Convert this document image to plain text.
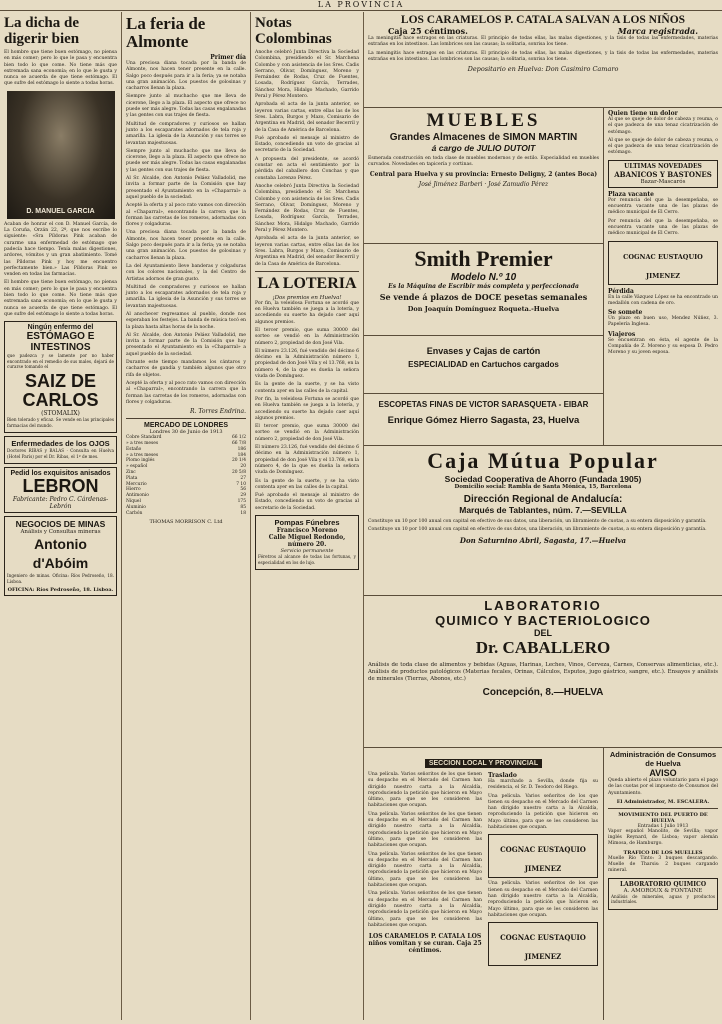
LA PROVINCIA
La dicha de digerir bien

El hombre que tiene buen estómago, no piensa en más comer; pero lo que le pasa y encuentra bien todo lo que come. No tiene más que extremada sana economía; en lo que le gusta y nunca se acuerda de que tiene estómago. El que sufre del estómago lo siente a todas horas.

D. MANUEL GARCIA

Acaban de honrar el con D. Manuel García, de La Coruña, Orzán 22, 2º, que nos escribe lo siguiente: «Sra Píldoras Pink acaban de curarme una enfermedad de estómago que padecía hace tiempo. Tenía malas digestiones, ardores, vómitos y un gran abatimiento. Tomé las Píldoras Pink y hoy me encuentro perfectamente bien.» Las Píldoras Pink se venden en todas las farmacias.

El hombre que tiene buen estómago, no piensa en más comer; pero lo que le pasa y encuentra bien todo lo que come. No tiene más que extremada sana economía; en lo que le gusta y nunca se acuerda de que tiene estómago. El que sufre del estómago lo siente a todas horas.

Ningún enfermo del
ESTÓMAGO E
INTESTINOS

que padezca y se lamente por no haber encontrado en el remedio de sus males, dejará de curarse tomando el

SAIZ DE CARLOS
(STOMALIX)

Bien tolerado y eficaz. Se vende en las principales farmacias del mundo.

Enfermedades de los OJOS

Doctores RIBAS y BALAS · Consulta en Huelva (Hotel París) por el Dr. Ribas, el 1º de mes.

Pedid los exquisitos anisados
LEBRON
Fabricante: Pedro C. Cárdenas-Lebrón
NEGOCIOS DE MINAS
Análisis y Consultas mineras
Antonio d'Abóim

Ingeniero de minas. Oficina: Ríos Pedroseño, 18. Lisboa.

OFICINA: Ríos Pedroseño, 18. Lisboa.
La feria de Almonte
Primer día

Una preciosa diana tocada por la banda de Almonte, nos hacen tener presente en la calle. Salgo poco después para ir a la feria; ya se notaba una gran animación. Los puestos de golosinas y cacharros llenan la plaza.

Siempre junto al muchacho que me lleva de cicerone, llego a la plaza. El aspecto que ofrece no puede ser más alegre. Todas las casas engalanadas y las gentes con sus trajes de fiesta.

Multitud de compradores y curiosos se hallan junto a los escaparates adornados de tela roja y amarilla. La iglesia de la Asunción y sus torres se levantan majestuosas.

Siempre junto al muchacho que me lleva de cicerone, llego a la plaza. El aspecto que ofrece no puede ser más alegre. Todas las casas engalanadas y las gentes con sus trajes de fiesta.

Al Sr. Alcalde, don Antonio Peláez Valladolid, me invita a formar parte de la Comisión que hay presentado el Ayuntamiento en la «Chaparral» a aquel pueblo de la sociedad.

Acepté la oferta y al poco rato vamos con dirección al «Chaparral», encontrando la carrera que la forman las carretas de los romeros, adornadas con flores y colgaduras.

Una preciosa diana tocada por la banda de Almonte, nos hacen tener presente en la calle. Salgo poco después para ir a la feria; ya se notaba una gran animación. Los puestos de golosinas y cacharros llenan la plaza.

La del Ayuntamiento lleve banderas y colgaduras con los colores nacionales, y la del Centro de Artistas adornos de gran gusto.

Multitud de compradores y curiosos se hallan junto a los escaparates adornados de tela roja y amarilla. La iglesia de la Asunción y sus torres se levantan majestuosas.

Al anochecer regresamos al pueblo, donde nos esperaban los festejos. La banda de música tocó en la plaza hasta altas horas de la noche.

Al Sr. Alcalde, don Antonio Peláez Valladolid, me invita a formar parte de la Comisión que hay presentado el Ayuntamiento en la «Chaparral» a aquel pueblo de la sociedad.

Durante este tiempo mandamos los cántaros y cacharros de gandía y también algunos que otro rifa de objetos.

Acepté la oferta y al poco rato vamos con dirección al «Chaparral», encontrando la carrera que la forman las carretas de los romeros, adornadas con flores y colgaduras.

R. Torres Endrina.
MERCADO DE LONDRES
Londres 30 de Junio de 1913
Cobre Standard	66 1/2
» a tres meses	66 7/8
Estaño	186
» a tres meses	184
Plomo inglés	20 1/4
» español	20
Zinc	20 5/8
Plata	27
Mercurio	7 10
Hierro	56
Antimonio	29
Níquel	175
Aluminio	85
Carbón	18
THOMAS MORRISON C. Ltd
Notas Colombinas

Anoche celebró Junta Directiva la Sociedad Colombina, presidiendo el Sr. Marchena Colombo y con asistencia de los Sres. Cadis Serrano, Olivar, Domínguez, Moreno y Fernández de Rodas, Cruz de Fuentes, Losada, Rodríguez García, Terrades, Sánchez Mora, Hidalgo Machado, Garrido Peral y Pérez Montero.

Aprobada el acta de la junta anterior, se leyeron varias cartas, entre ellas las de los Sres. Labra, Burgos y Mazo, Comisario de Argentina en Madrid, del senador Becerril y de la Casa de América de Barcelona.

Fué aprobado el mensaje al ministro de Estado, concediendo un voto de gracias al secretario de la Sociedad.

A propuesta del presidente, se acordó constar en acta el sentimiento por la pérdida del caballero don Conchas y que constaba Lorenzo Pérez.

Anoche celebró Junta Directiva la Sociedad Colombina, presidiendo el Sr. Marchena Colombo y con asistencia de los Sres. Cadis Serrano, Olivar, Domínguez, Moreno y Fernández de Rodas, Cruz de Fuentes, Losada, Rodríguez García, Terrades, Sánchez Mora, Hidalgo Machado, Garrido Peral y Pérez Montero.

Aprobada el acta de la junta anterior, se leyeron varias cartas, entre ellas las de los Sres. Labra, Burgos y Mazo, Comisario de Argentina en Madrid, del senador Becerril y de la Casa de América de Barcelona.

LA LOTERIA
¡Dos premios en Huelva!

Por fin, la veleidosa Fortuna se acordó que en Huelva también se juega a la lotería, y accediendo su suerte ha dejado caer aquí algunos premios.

El tercer premio, que suma 30000 del sorteo se vendió en la Administración número 2, propiedad de don José Vila.

El número 23.126, fué vendido del décimo 6 décimo en la Administración número 1, propiedad de don José Vila y el 13.768, en la número 4, de la que es dueña la señora viuda de Domínguez.

Es la gente de la suerte, y se ha visto contenta ayer en las calles de la capital.

Por fin, la veleidosa Fortuna se acordó que en Huelva también se juega a la lotería, y accediendo su suerte ha dejado caer aquí algunos premios.

El tercer premio, que suma 30000 del sorteo se vendió en la Administración número 2, propiedad de don José Vila.

El número 23.126, fué vendido del décimo 6 décimo en la Administración número 1, propiedad de don José Vila y el 13.768, en la número 4, de la que es dueña la señora viuda de Domínguez.

Es la gente de la suerte, y se ha visto contenta ayer en las calles de la capital.

Fué aprobado el mensaje al ministro de Estado, concediendo un voto de gracias al secretario de la Sociedad.

Pompas Fúnebres
Francisco Moreno
Calle Miguel Redondo, número 20.
Servicio permanente

Féretros al alcance de todas las fortunas, y especialidad en los de lujo.

LOS CARAMELOS P. CATALA SALVAN A LOS NIÑOS
Caja 25 céntimos.	Marca registrada.

La meningitis hace estragos en las criaturas. El principio de todas ellas, las malas digestiones, y la tisis de todas las enfermedades, materias extrañas en los intestinos. Las lombrices son las causas; la solitaria, sonrisa los tiene.

La meningitis hace estragos en las criaturas. El principio de todas ellas, las malas digestiones, y la tisis de todas las enfermedades, materias extrañas en los intestinos. Las lombrices son las causas; la solitaria, sonrisa los tiene.

Depositario en Huelva: Don Casimiro Camaro
MUEBLES
Grandes Almacenes de SIMON MARTIN
á cargo de JULIO DUTOIT

Esmerada construcción en toda clase de muebles modernos y de estilo. Especialidad en muebles curvados. Novedades en tapicería y cortinas.

Central para Huelva y su provincia: Ernesto Deligny, 2 (antes Boca)
José Jiménez Barberi · José Zamudio Pérez
Smith Premier
Modelo N.º 10
Es la Máquina de Escribir más completa y perfeccionada
Se vende á plazos de DOCE pesetas semanales
Don Joaquín Domínguez Roqueta.-Huelva
Envases y Cajas de cartón
ESPECIALIDAD en Cartuchos cargados
ESCOPETAS FINAS DE VICTOR SARASQUETA - EIBAR
Enrique Gómez Hierro Sagasta, 23, Huelva
Caja Mútua Popular
Sociedad Cooperativa de Ahorro (Fundada 1905)
Domicilio social: Rambla de Santa Mónica, 15, Barcelona
Dirección Regional de Andalucía:
Marqués de Tablantes, núm. 7.—SEVILLA

Constituye un 10 por 100 anual con capital en efectivo de sus datos, una liberación, un libramiento de cuotas, a su entera disposición y garantía.

Constituye un 10 por 100 anual con capital en efectivo de sus datos, una liberación, un libramiento de cuotas, a su entera disposición y garantía.

Don Saturnino Abril, Sagasta, 17.—Huelva
LABORATORIO
QUIMICO Y BACTERIOLOGICO
DEL
Dr. CABALLERO

Análisis de toda clase de alimentos y bebidas (Aguas, Harinas, Leches, Vinos, Cerveza, Carnes, Conservas alimenticias, etc.). Análisis de productos patológicos (Materias fecales, Orinas, Cálculos, Esputos, jugo gástrico, sangre, etc.). Ensayos y análisis de minerales (Tierras, Abonos, etc.)

Concepción, 8.—HUELVA
SECCION LOCAL Y PROVINCIAL

Una película. Varios señoritos de los que tienen su despacho en el Mercado del Carmen han dirigido nuestro carta a la Alcaldía, reproduciendo la petición que hicieron en Mayo último, para que se les consideren las habitaciones que ocupan.

Una película. Varios señoritos de los que tienen su despacho en el Mercado del Carmen han dirigido nuestro carta a la Alcaldía, reproduciendo la petición que hicieron en Mayo último, para que se les consideren las habitaciones que ocupan.

Una película. Varios señoritos de los que tienen su despacho en el Mercado del Carmen han dirigido nuestro carta a la Alcaldía, reproduciendo la petición que hicieron en Mayo último, para que se les consideren las habitaciones que ocupan.

Una película. Varios señoritos de los que tienen su despacho en el Mercado del Carmen han dirigido nuestro carta a la Alcaldía, reproduciendo la petición que hicieron en Mayo último, para que se les consideren las habitaciones que ocupan.

LOS CARAMELOS P. CATALA LOS niños vomitan y se curan. Caja 25 céntimos.
Traslado

Ha marchado a Sevilla, donde fija su residencia, el Sr. D. Teodoro del Riego.

Una película. Varios señoritos de los que tienen su despacho en el Mercado del Carmen han dirigido nuestro carta a la Alcaldía, reproduciendo la petición que hicieron en Mayo último, para que se les consideren las habitaciones que ocupan.

COGNAC EUSTAQUIO JIMENEZ

Una película. Varios señoritos de los que tienen su despacho en el Mercado del Carmen han dirigido nuestro carta a la Alcaldía, reproduciendo la petición que hicieron en Mayo último, para que se les consideren las habitaciones que ocupan.

COGNAC EUSTAQUIO JIMENEZ
Quien tiene un dolor

Al que se queje de dolor de cabeza y reuma, o el que padezca de una tenaz cicatrización de estómago.

Al que se queje de dolor de cabeza y reuma, o el que padezca de una tenaz cicatrización de estómago.

ULTIMAS NOVEDADES
ABANICOS Y BASTONES
Bazar-Mascarós
Plaza vacante

Por renuncia del que la desempeñaba, se encuentra vacante una de las plazas de médico municipal de El Cerro.

Por renuncia del que la desempeñaba, se encuentra vacante una de las plazas de médico municipal de El Cerro.

COGNAC EUSTAQUIO JIMENEZ
Pérdida

En la calle Vázquez López se ha encontrado un medallón con cadena de oro.

Se somete

Un plazo en buen uso, Mendez Núñez, 3. Papelería Inglesa.

Viajeros

Se encuentran en ésta, el agente de la Compañía de Z. Moreno y su esposa D. Pedro Moreno y su joven esposa.

Administración de Consumos de Huelva
AVISO

Queda abierto el plazo voluntario para el pago de las cuotas por el impuesto de Consumos del Ayuntamiento.

El Administrador, M. ESCALERA.
MOVIMIENTO DEL PUERTO DE HUELVA
Entradas 1 Julio 1913

Vapor español Manolito, de Sevilla; vapor inglés Reynard, de Lisboa; vapor alemán Mimosa, de Hamburgo.

TRAFICO DE LOS MUELLES

Muelle Río Tinto: 3 buques descargando. Muelle de Tharsis: 2 buques cargando mineral.

LABORATORIO QUIMICO
A. AMOROUX & FONTAINE

Análisis de minerales, aguas y productos industriales.
